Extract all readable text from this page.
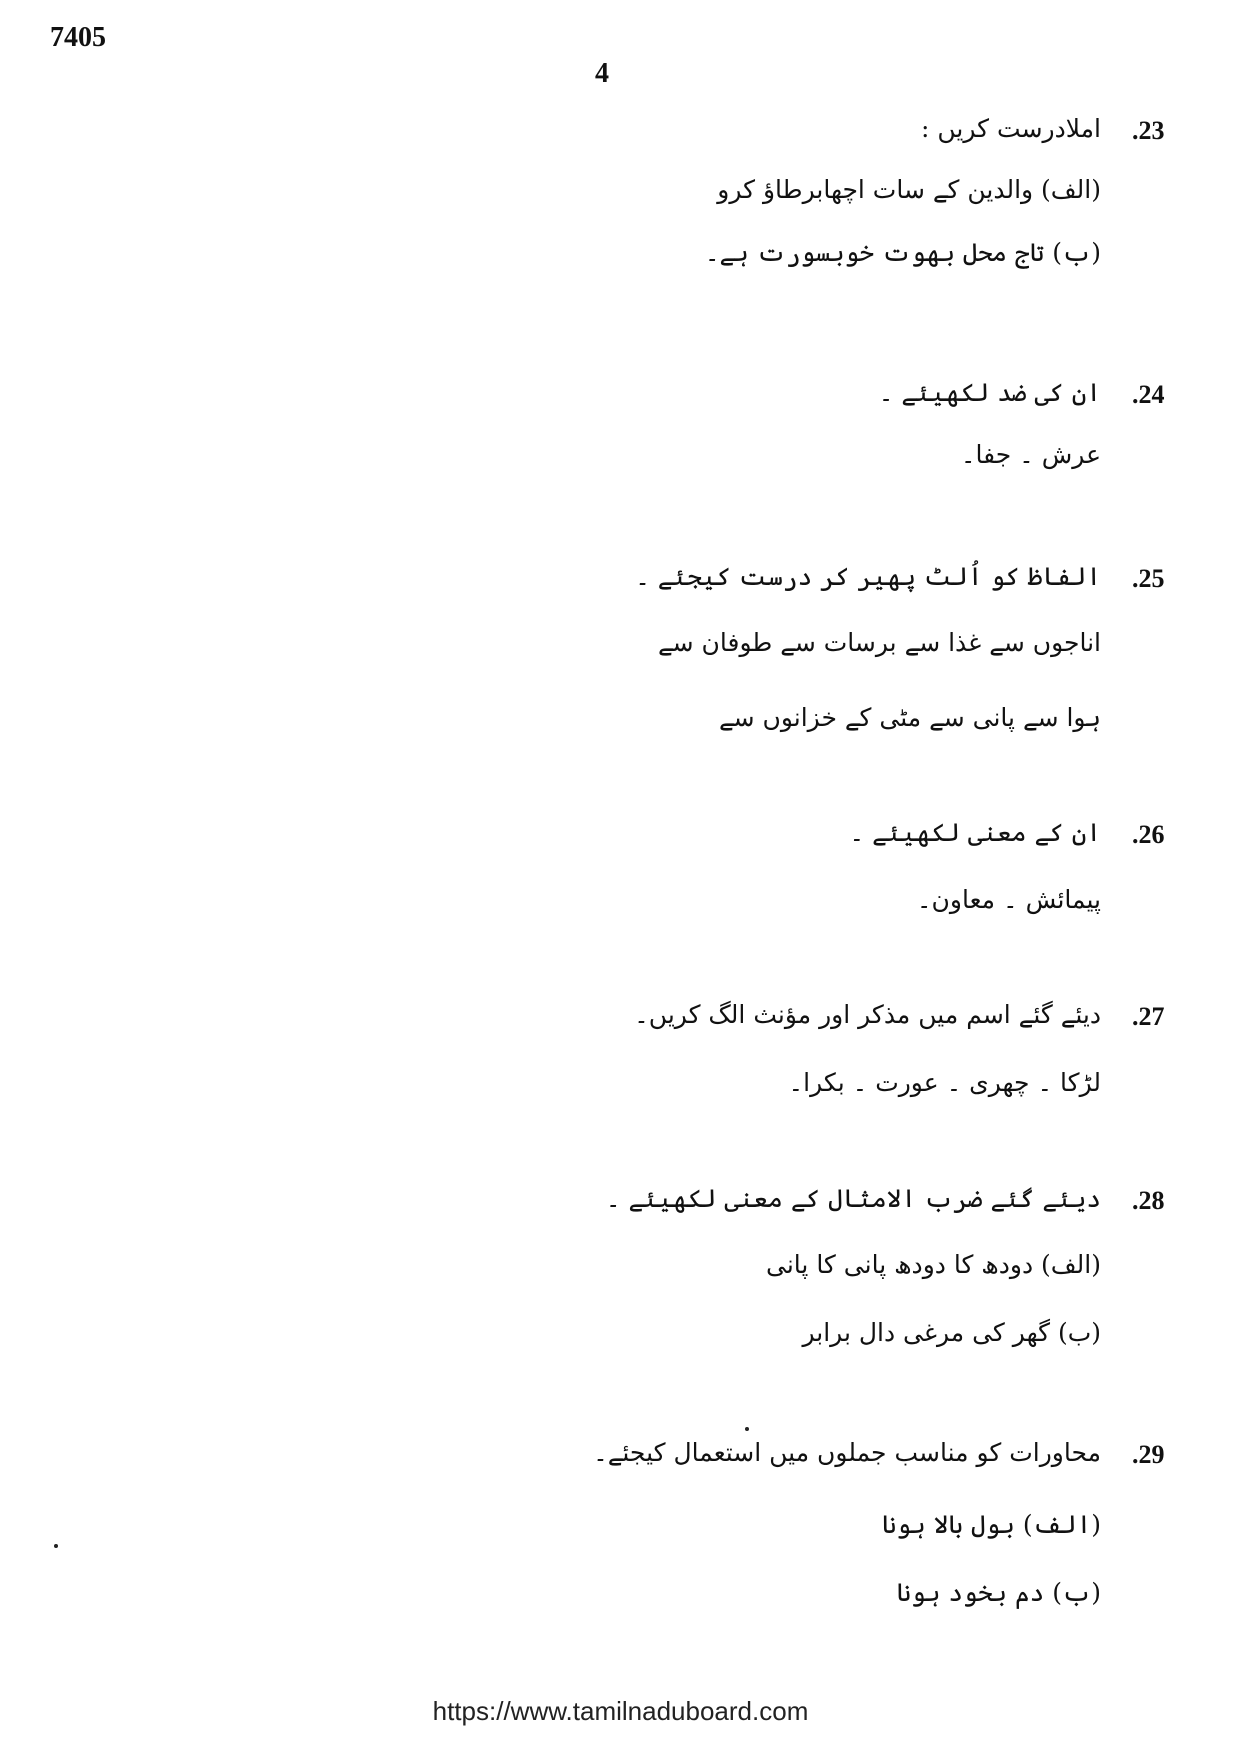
7405
4
.23
املادرست کریں :
(الف) والدین کے سات اچھابرطاؤ کرو
(ب) تاج محل بھوت خوبسورت ہے۔
.24
ان کی ضد لکھیئے ۔
عرش ۔ جفا۔
.25
الفاظ کو اُلٹ پھیر کر درست کیجئے ۔
اناجوں سے غذا سے برسات سے طوفان سے
ہوا سے پانی سے مٹی کے خزانوں سے
.26
ان کے معنی لکھیئے ۔
پیمائش ۔ معاون۔
.27
دیئے گئے اسم میں مذکر اور مؤنث الگ کریں۔
لڑکا ۔ چھری ۔ عورت ۔ بکرا۔
.28
دیئے گئے ضرب الامثال کے معنی لکھیئے ۔
(الف) دودھ کا دودھ پانی کا پانی
(ب) گھر کی مرغی دال برابر
.29
محاورات کو مناسب جملوں میں استعمال کیجئے۔
(الف) بول بالا ہونا
(ب) دم بخود ہونا
https://www.tamilnaduboard.com
